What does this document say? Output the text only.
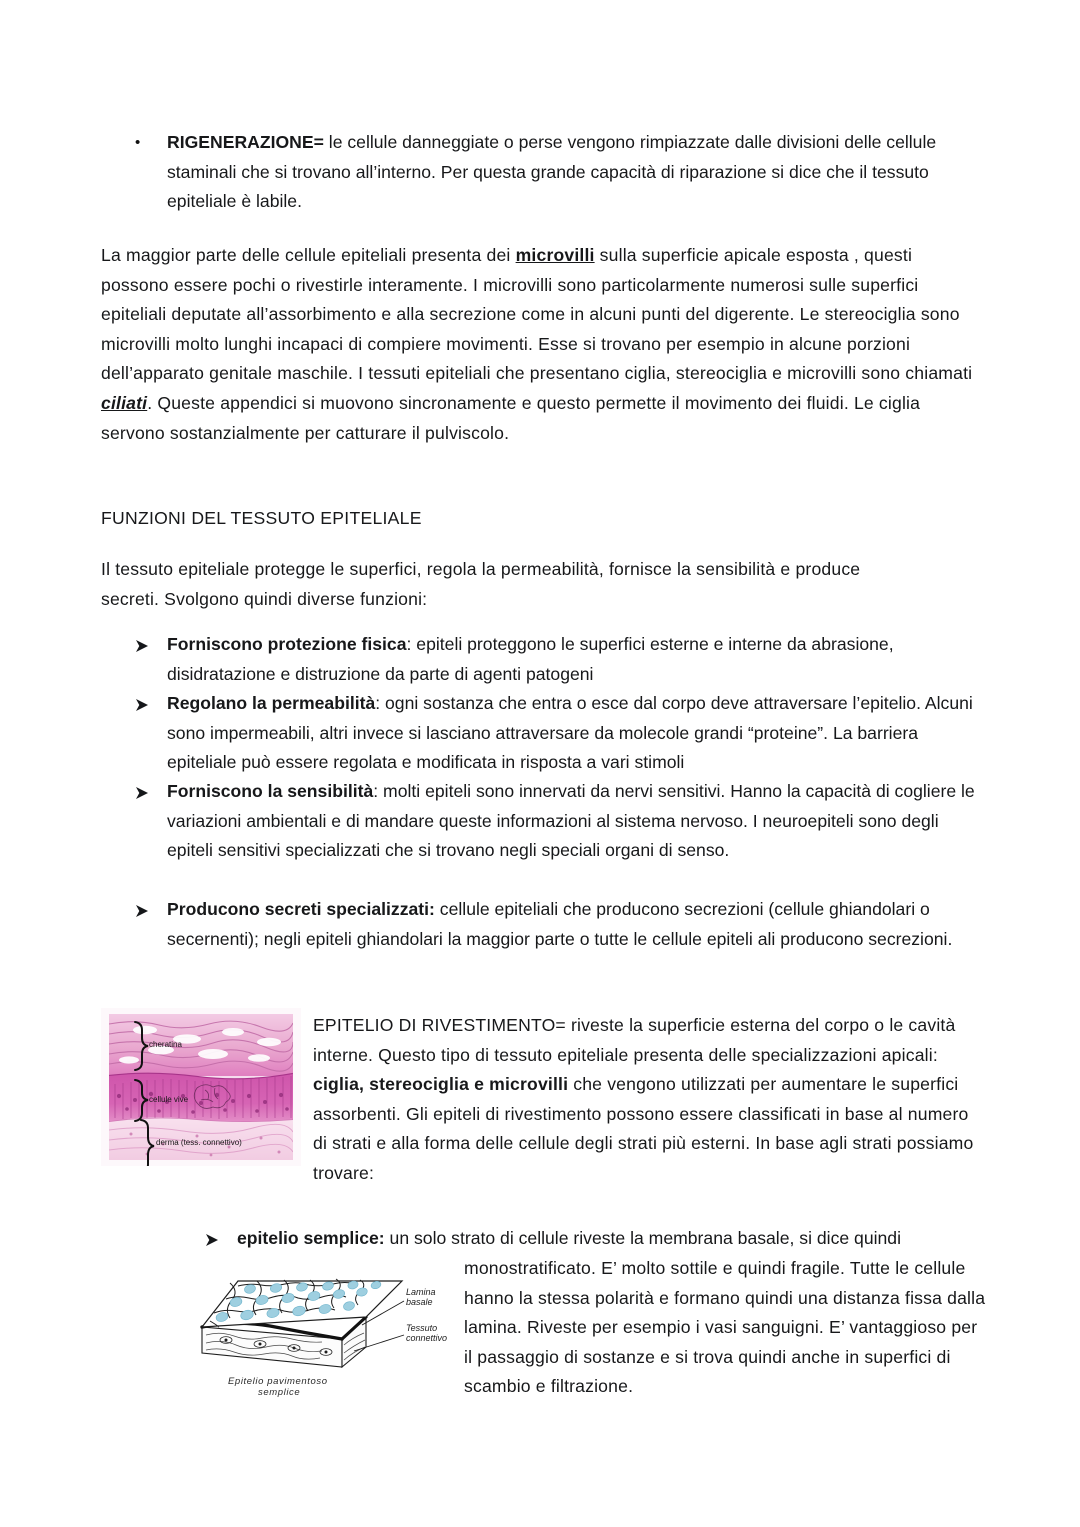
•	RIGENERAZIONE= le cellule danneggiate o perse vengono rimpiazzate dalle divisioni delle cellule staminali che si trovano all’interno. Per questa grande capacità di riparazione si dice che il tessuto epiteliale è labile.
La maggior parte delle cellule epiteliali presenta dei microvilli sulla superficie apicale esposta , questi possono essere pochi o rivestirle interamente. I microvilli sono particolarmente numerosi sulle superfici epiteliali deputate all’assorbimento e alla secrezione come in alcuni punti del digerente. Le stereociglia sono microvilli molto lunghi incapaci di compiere movimenti. Esse si trovano per esempio in alcune porzioni dell’apparato genitale maschile. I tessuti epiteliali che presentano ciglia, stereociglia e microvilli sono chiamati ciliati. Queste appendici si muovono sincronamente e questo permette il movimento dei fluidi. Le ciglia servono sostanzialmente per catturare il pulviscolo.
FUNZIONI DEL TESSUTO EPITELIALE
Il tessuto epiteliale protegge le superfici, regola la permeabilità, fornisce la sensibilità e produce secreti. Svolgono quindi diverse funzioni:
Forniscono protezione fisica: epiteli proteggono le superfici esterne e interne da abrasione, disidratazione e distruzione da parte di agenti patogeni
Regolano la permeabilità: ogni sostanza che entra o esce dal corpo deve attraversare l’epitelio. Alcuni sono impermeabili, altri invece si lasciano attraversare da molecole grandi “proteine”. La barriera epiteliale può essere regolata e modificata in risposta a vari stimoli
Forniscono la sensibilità: molti epiteli sono innervati da nervi sensitivi. Hanno la capacità di cogliere le variazioni ambientali e di mandare queste informazioni al sistema nervoso. I neuroepiteli sono degli epiteli sensitivi specializzati che si trovano negli speciali organi di senso.
Producono secreti specializzati: cellule epiteliali che producono secrezioni (cellule ghiandolari o secernenti); negli epiteli ghiandolari la maggior parte o tutte le cellule epiteli ali producono secrezioni.
cheratina
cellule vive
derma (tess. connettivo)
EPITELIO DI RIVESTIMENTO= riveste la superficie esterna del corpo o le cavità interne. Questo tipo di tessuto epiteliale presenta delle specializzazioni apicali: ciglia, stereociglia e microvilli che vengono utilizzati per aumentare le superfici assorbenti. Gli epiteli di rivestimento possono essere classificati in base al numero di strati e alla forma delle cellule degli strati più esterni. In base agli strati possiamo trovare:
epitelio semplice: un solo strato di cellule riveste la membrana basale, si dice quindi
monostratificato. E’ molto sottile e quindi fragile. Tutte le cellule hanno la stessa polarità e formano quindi una distanza fissa dalla lamina. Riveste per esempio i vasi sanguigni. E’ vantaggioso per il passaggio di sostanze e si trova quindi anche in superfici di scambio e filtrazione.
Lamina
basale
Tessuto
connettivo
Epitelio pavimentoso
semplice
